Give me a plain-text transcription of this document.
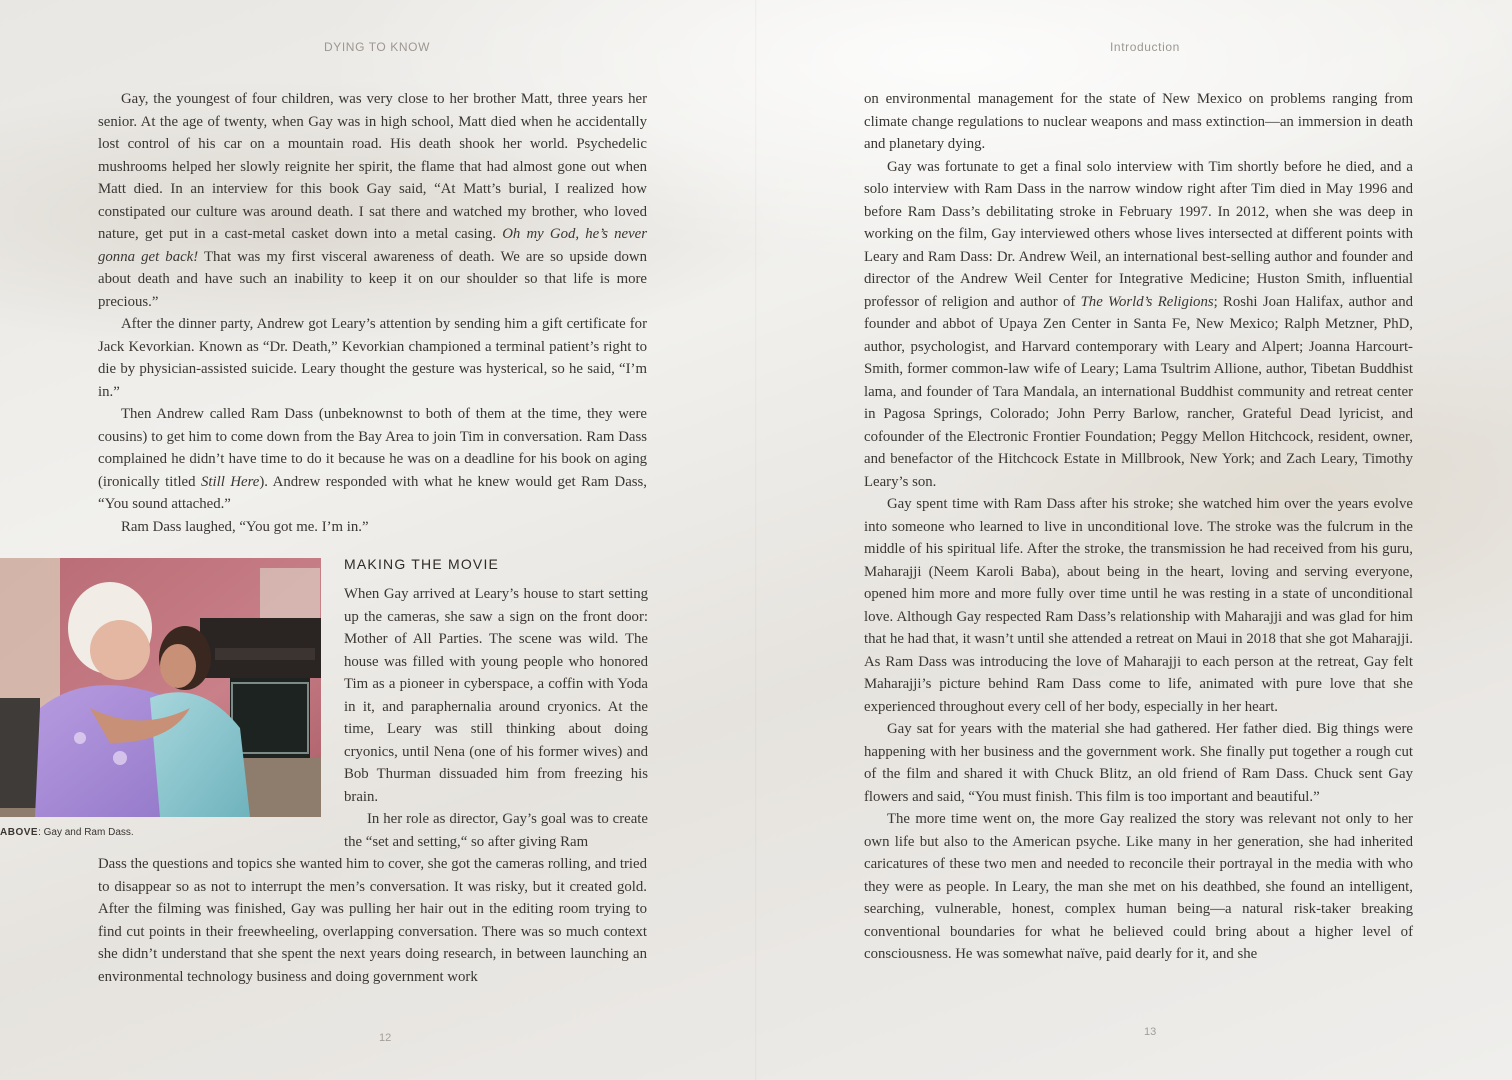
DYING TO KNOW

Gay, the youngest of four children, was very close to her brother Matt, three years her senior. At the age of twenty, when Gay was in high school, Matt died when he accidentally lost control of his car on a mountain road. His death shook her world. Psychedelic mushrooms helped her slowly reignite her spirit, the flame that had almost gone out when Matt died. In an interview for this book Gay said, “At Matt’s burial, I realized how constipated our culture was around death. I sat there and watched my brother, who loved nature, get put in a cast-metal casket down into a metal casing. Oh my God, he’s never gonna get back! That was my first visceral awareness of death. We are so upside down about death and have such an inability to keep it on our shoulder so that life is more precious.”

After the dinner party, Andrew got Leary’s attention by sending him a gift certificate for Jack Kevorkian. Known as “Dr. Death,” Kevorkian championed a terminal patient’s right to die by physician-assisted suicide. Leary thought the gesture was hysterical, so he said, “I’m in.”

Then Andrew called Ram Dass (unbeknownst to both of them at the time, they were cousins) to get him to come down from the Bay Area to join Tim in conversation. Ram Dass complained he didn’t have time to do it because he was on a deadline for his book on aging (ironically titled Still Here). Andrew responded with what he knew would get Ram Dass, “You sound attached.”

Ram Dass laughed, “You got me. I’m in.”

ABOVE: Gay and Ram Dass.
MAKING THE MOVIE

When Gay arrived at Leary’s house to start setting up the cameras, she saw a sign on the front door: Mother of All Parties. The scene was wild. The house was filled with young people who honored Tim as a pioneer in cyberspace, a coffin with Yoda in it, and paraphernalia around cryonics. At the time, Leary was still thinking about doing cryonics, until Nena (one of his former wives) and Bob Thurman dissuaded him from freezing his brain.

In her role as director, Gay’s goal was to create the “set and setting,“ so after giving Ram

Dass the questions and topics she wanted him to cover, she got the cameras rolling, and tried to disappear so as not to interrupt the men’s conversation. It was risky, but it created gold. After the filming was finished, Gay was pulling her hair out in the editing room trying to find cut points in their freewheeling, overlapping conversation. There was so much context she didn’t understand that she spent the next years doing research, in between launching an environmental technology business and doing government work

12
Introduction

on environmental management for the state of New Mexico on problems ranging from climate change regulations to nuclear weapons and mass extinction—an immersion in death and planetary dying.

Gay was fortunate to get a final solo interview with Tim shortly before he died, and a solo interview with Ram Dass in the narrow window right after Tim died in May 1996 and before Ram Dass’s debilitating stroke in February 1997. In 2012, when she was deep in working on the film, Gay interviewed others whose lives intersected at different points with Leary and Ram Dass: Dr. Andrew Weil, an international best-selling author and founder and director of the Andrew Weil Center for Integrative Medicine; Huston Smith, influential professor of religion and author of The World’s Religions; Roshi Joan Halifax, author and founder and abbot of Upaya Zen Center in Santa Fe, New Mexico; Ralph Metzner, PhD, author, psychologist, and Harvard contemporary with Leary and Alpert; Joanna Harcourt-Smith, former common-law wife of Leary; Lama Tsultrim Allione, author, Tibetan Buddhist lama, and founder of Tara Mandala, an international Buddhist community and retreat center in Pagosa Springs, Colorado; John Perry Barlow, rancher, Grateful Dead lyricist, and cofounder of the Electronic Frontier Foundation; Peggy Mellon Hitchcock, resident, owner, and benefactor of the Hitchcock Estate in Millbrook, New York; and Zach Leary, Timothy Leary’s son.

Gay spent time with Ram Dass after his stroke; she watched him over the years evolve into someone who learned to live in unconditional love. The stroke was the fulcrum in the middle of his spiritual life. After the stroke, the transmission he had received from his guru, Maharajji (Neem Karoli Baba), about being in the heart, loving and serving everyone, opened him more and more fully over time until he was resting in a state of unconditional love. Although Gay respected Ram Dass’s relationship with Maharajji and was glad for him that he had that, it wasn’t until she attended a retreat on Maui in 2018 that she got Maharajji. As Ram Dass was introducing the love of Maharajji to each person at the retreat, Gay felt Maharajji’s picture behind Ram Dass come to life, animated with pure love that she experienced throughout every cell of her body, especially in her heart.

Gay sat for years with the material she had gathered. Her father died. Big things were happening with her business and the government work. She finally put together a rough cut of the film and shared it with Chuck Blitz, an old friend of Ram Dass. Chuck sent Gay flowers and said, “You must finish. This film is too important and beautiful.”

The more time went on, the more Gay realized the story was relevant not only to her own life but also to the American psyche. Like many in her generation, she had inherited caricatures of these two men and needed to reconcile their portrayal in the media with who they were as people. In Leary, the man she met on his deathbed, she found an intelligent, searching, vulnerable, honest, complex human being—a natural risk-taker breaking conventional boundaries for what he believed could bring about a higher level of consciousness. He was somewhat naïve, paid dearly for it, and she

13
